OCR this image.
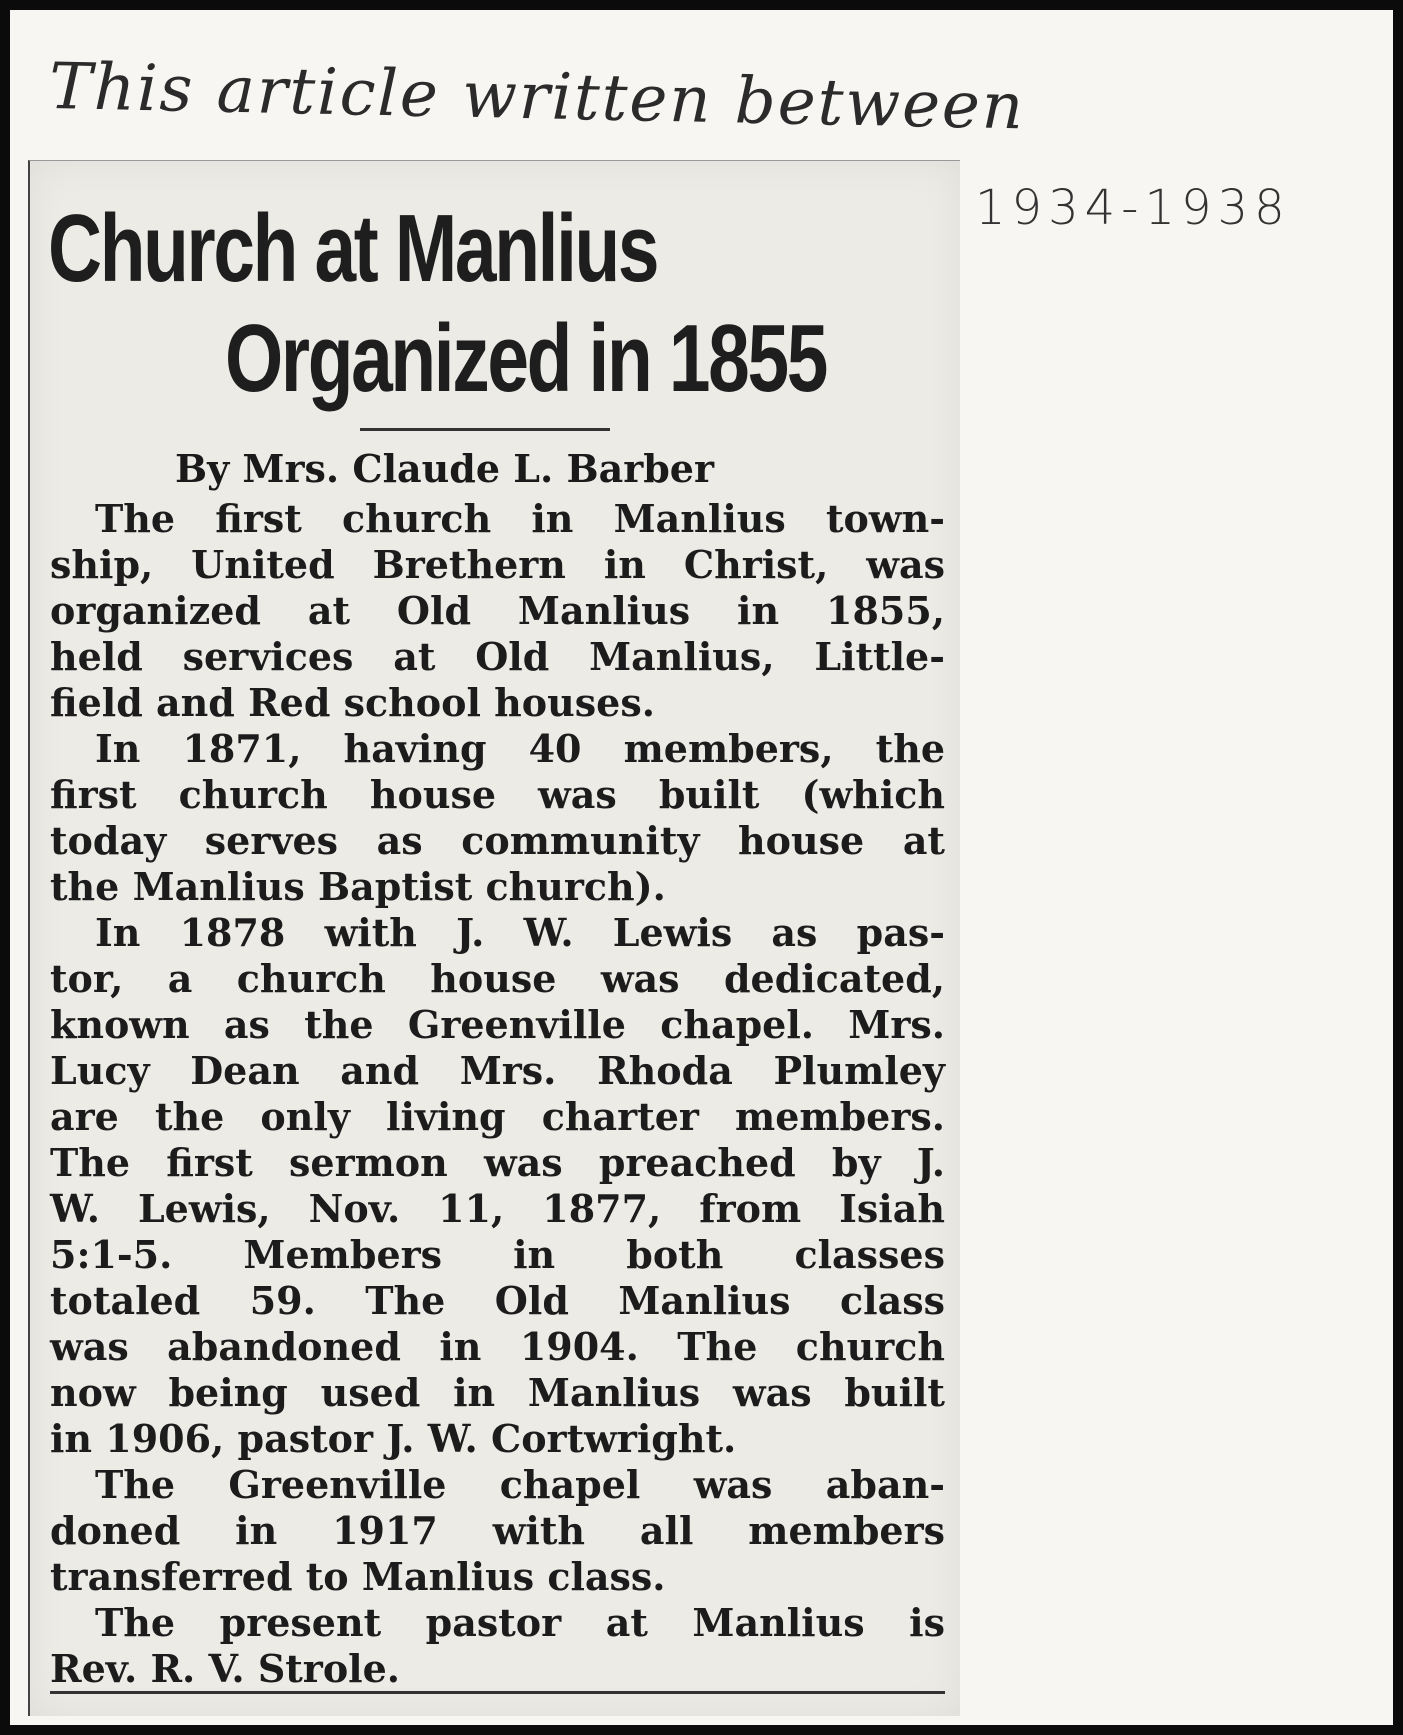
This article written between
1934-1938
Church at Manlius
Organized in 1855
By Mrs. Claude L. Barber
The first church in Manlius town-
ship, United Brethern in Christ, was
organized at Old Manlius in 1855,
held services at Old Manlius, Little-
field and Red school houses.
In 1871, having 40 members, the
first church house was built (which
today serves as community house at
the Manlius Baptist church).
In 1878 with J. W. Lewis as pas-
tor, a church house was dedicated,
known as the Greenville chapel. Mrs.
Lucy Dean and Mrs. Rhoda Plumley
are the only living charter members.
The first sermon was preached by J.
W. Lewis, Nov. 11, 1877, from Isiah
5:1-5. Members in both classes
totaled 59. The Old Manlius class
was abandoned in 1904. The church
now being used in Manlius was built
in 1906, pastor J. W. Cortwright.
The Greenville chapel was aban-
doned in 1917 with all members
transferred to Manlius class.
The present pastor at Manlius is
Rev. R. V. Strole.
